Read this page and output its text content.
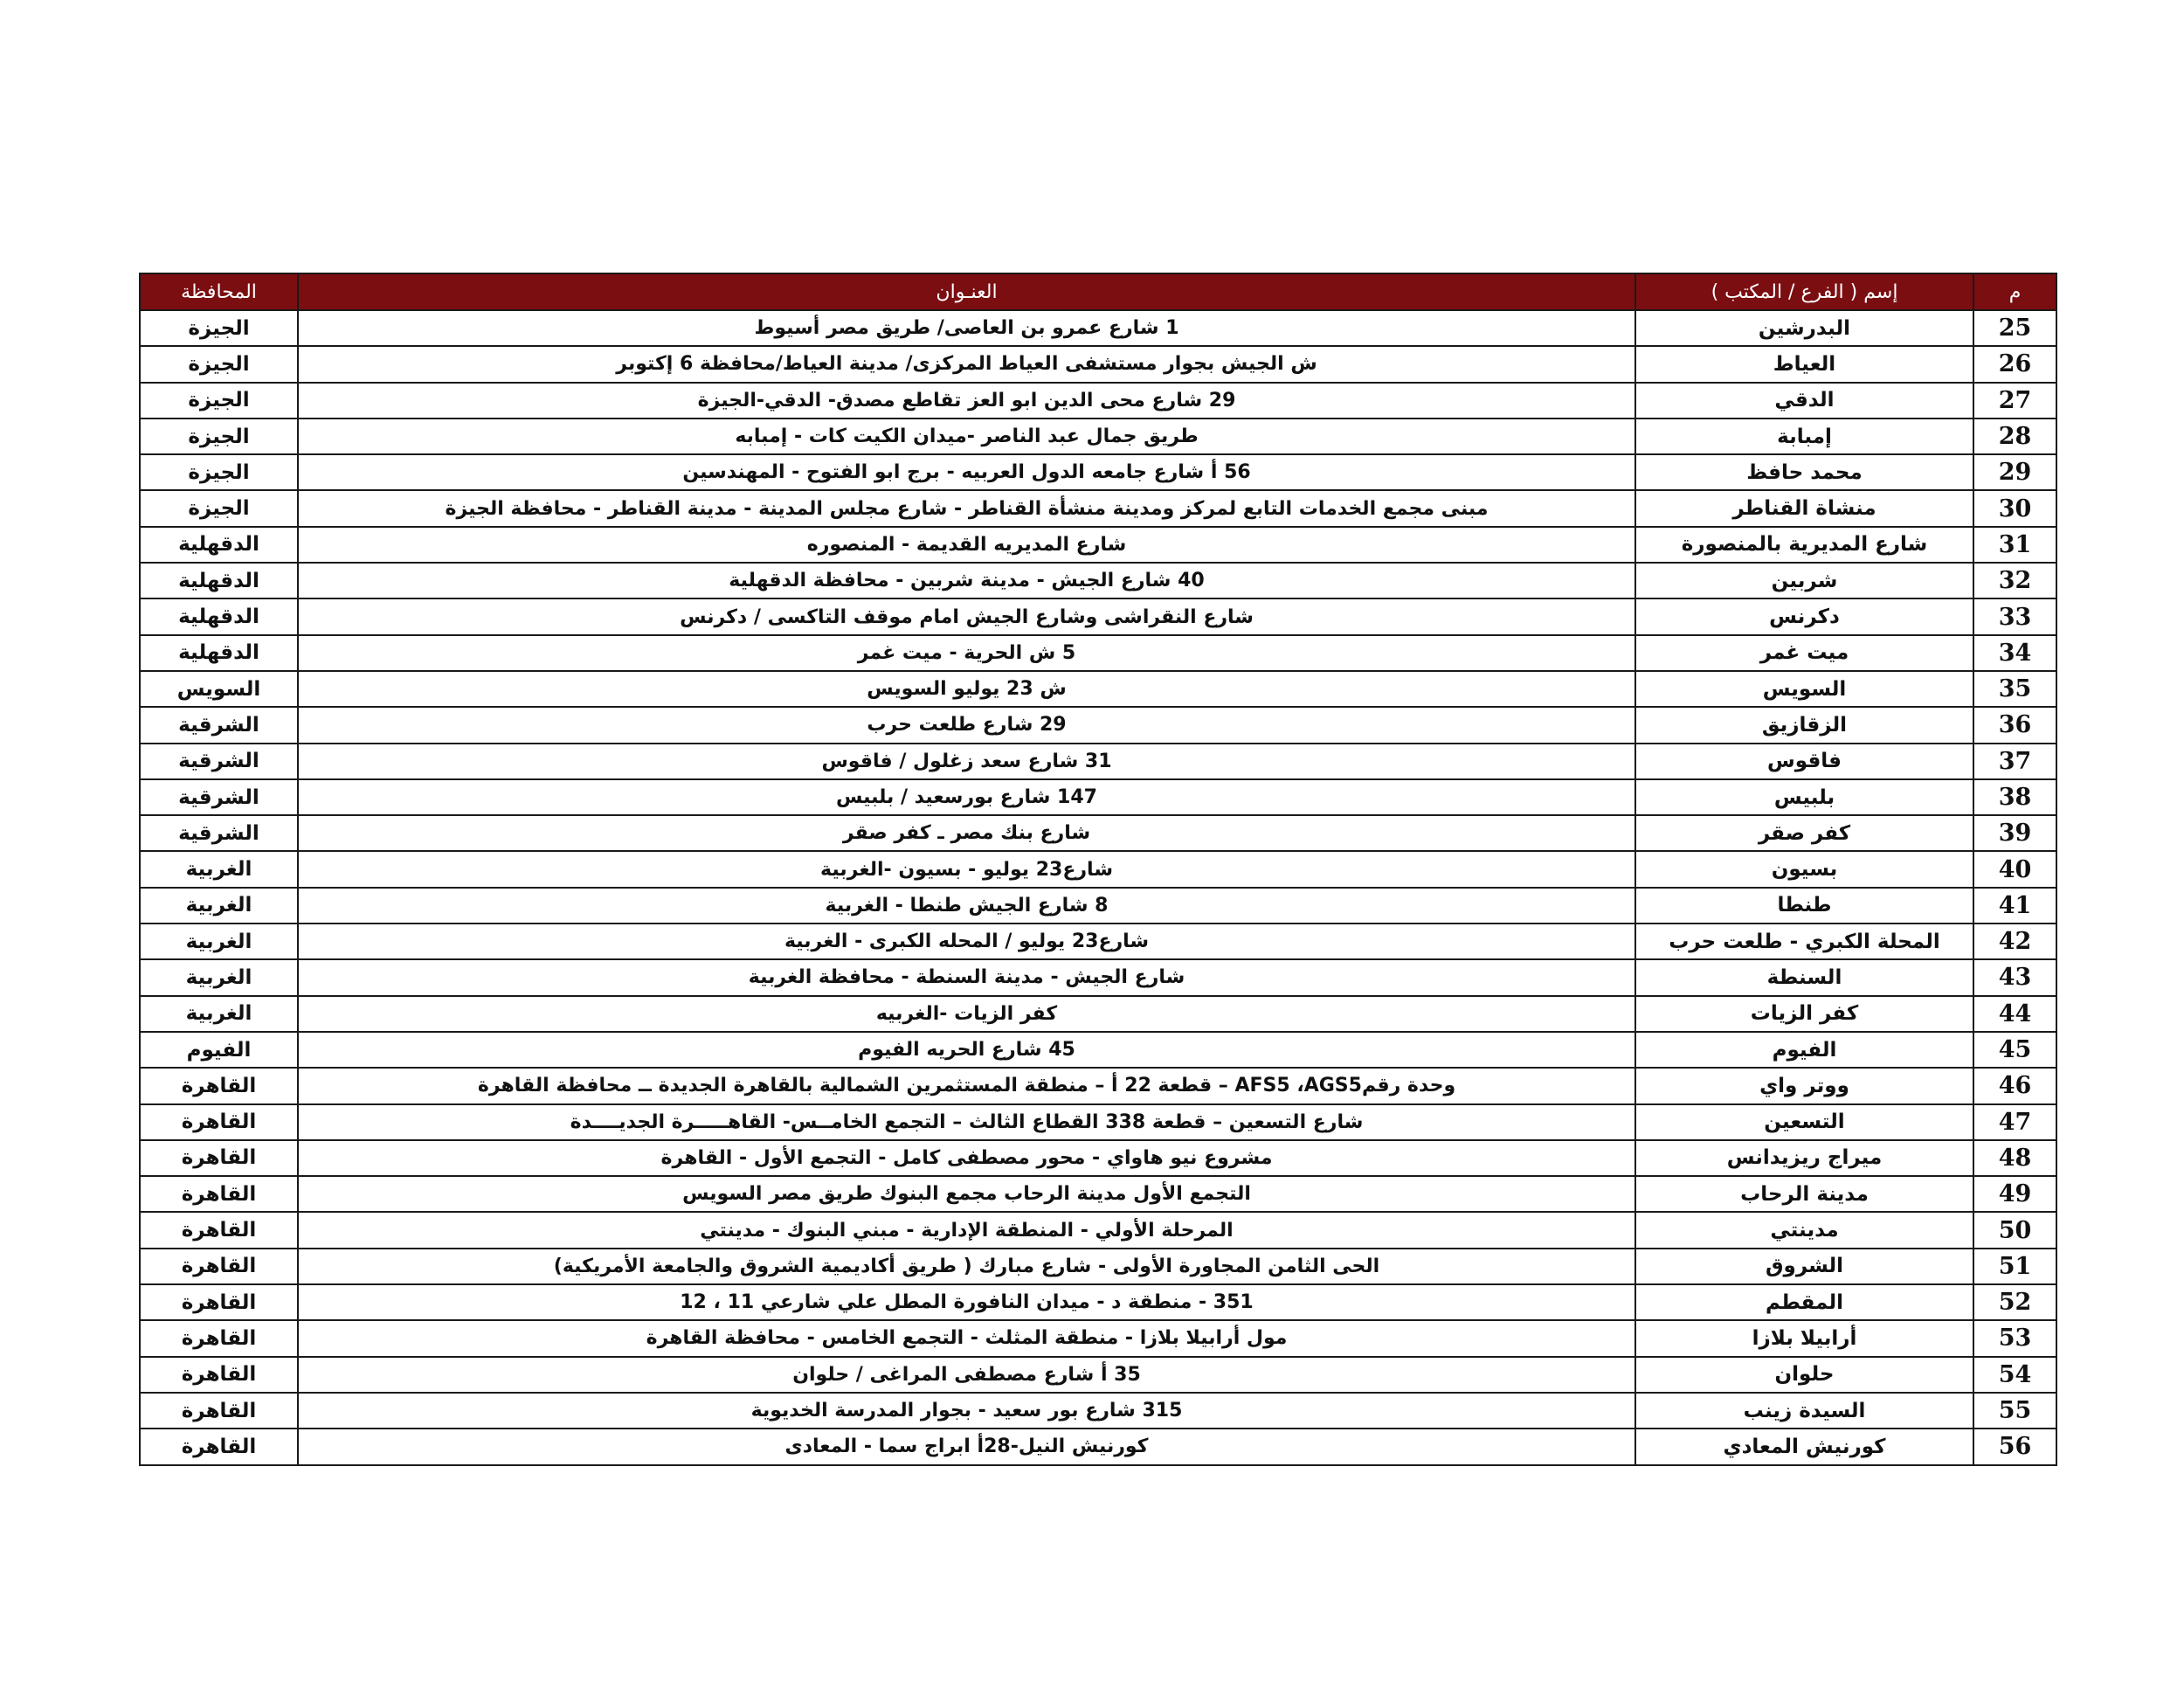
م	إسم ( الفرع / المكتب )	العنـوان	المحافظة
25	البدرشين	1 شارع عمرو بن العاصى/ طريق مصر أسيوط	الجيزة
26	العياط	ش الجيش بجوار مستشفى العياط المركزى/ مدينة العياط/محافظة 6 إكتوبر	الجيزة
27	الدقي	29 شارع محى الدين ابو العز تقاطع مصدق- الدقي-الجيزة	الجيزة
28	إمبابة	طريق جمال عبد الناصر -ميدان الكيت كات - إمبابه	الجيزة
29	محمد حافظ	56 أ شارع جامعه الدول العربيه - برج ابو الفتوح - المهندسين	الجيزة
30	منشاة القناطر	مبنى مجمع الخدمات التابع لمركز ومدينة منشأة القناطر - شارع مجلس المدينة - مدينة القناطر - محافظة الجيزة	الجيزة
31	شارع المديرية بالمنصورة	شارع المديريه القديمة - المنصوره	الدقهلية
32	شربين	40 شارع الجيش - مدينة شربين - محافظة الدقهلية	الدقهلية
33	دكرنس	شارع النقراشى وشارع الجيش امام موقف التاكسى / دكرنس	الدقهلية
34	ميت غمر	5 ش الحرية - ميت غمر	الدقهلية
35	السويس	ش 23 يوليو السويس	السويس
36	الزقازيق	29 شارع طلعت حرب	الشرقية
37	فاقوس	31 شارع سعد زغلول / فاقوس	الشرقية
38	بلبيس	147 شارع بورسعيد / بلبيس	الشرقية
39	كفر صقر	شارع بنك مصر ـ كفر صقر	الشرقية
40	بسيون	شارع23 يوليو - بسيون -الغربية	الغربية
41	طنطا	8 شارع الجيش طنطا - الغربية	الغربية
42	المحلة الكبري - طلعت حرب	شارع23 يوليو / المحله الكبرى - الغربية	الغربية
43	السنطة	شارع الجيش - مدينة السنطة - محافظة الغربية	الغربية
44	كفر الزيات	كفر الزيات -الغربيه	الغربية
45	الفيوم	45 شارع الحريه الفيوم	الفيوم
46	ووتر واي	وحدة رقمAFS5 ،AGS5 – قطعة 22 أ – منطقة المستثمرين الشمالية بالقاهرة الجديدة ــ محافظة القاهرة	القاهرة
47	التسعين	شارع التسعين – قطعة 338 القطاع الثالث – التجمع الخامــس- القاهـــــرة الجديــــدة	القاهرة
48	ميراج ريزيدانس	مشروع نيو هاواي - محور مصطفى كامل - التجمع الأول - القاهرة	القاهرة
49	مدينة الرحاب	التجمع الأول مدينة الرحاب مجمع البنوك طريق مصر السويس	القاهرة
50	مدينتي	المرحلة الأولي - المنطقة الإدارية - مبني البنوك - مدينتي	القاهرة
51	الشروق	الحى الثامن المجاورة الأولى - شارع مبارك ( طريق أكاديمية الشروق والجامعة الأمريكية)	القاهرة
52	المقطم	351 - منطقة د - ميدان النافورة المطل علي شارعي 11 ، 12	القاهرة
53	أرابيلا بلازا	مول أرابيلا بلازا - منطقة المثلث - التجمع الخامس - محافظة القاهرة	القاهرة
54	حلوان	35 أ شارع مصطفى المراغى / حلوان	القاهرة
55	السيدة زينب	315 شارع بور سعيد - بجوار المدرسة الخديوية	القاهرة
56	كورنيش المعادي	كورنيش النيل-28أ ابراج سما - المعادى	القاهرة
